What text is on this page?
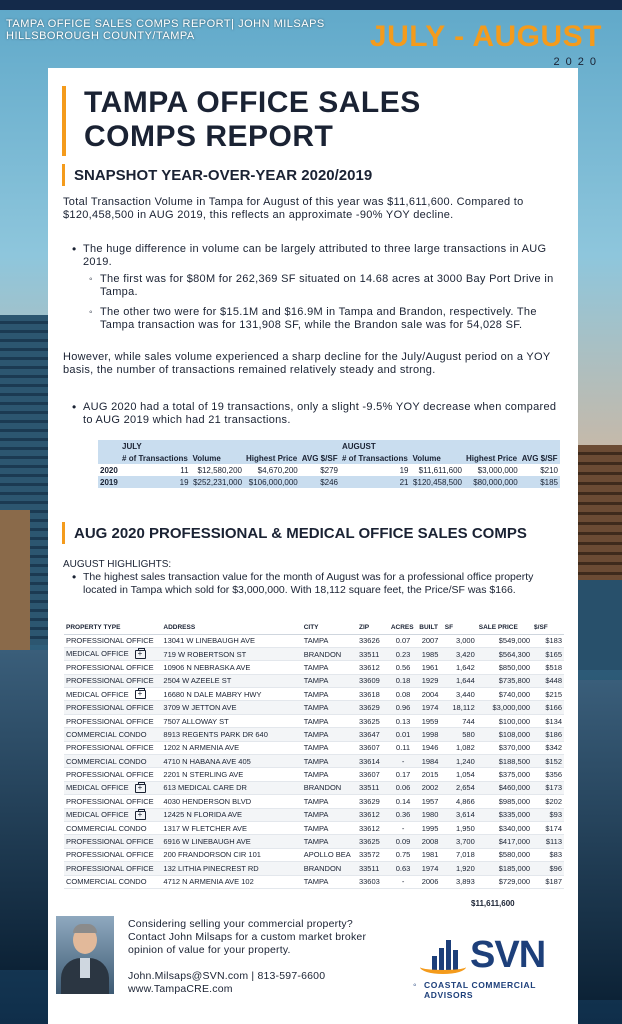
TAMPA OFFICE SALES COMPS REPORT| JOHN MILSAPS
HILLSBOROUGH COUNTY/TAMPA	JULY - AUGUST
2020
TAMPA OFFICE SALES
COMPS REPORT
SNAPSHOT YEAR-OVER-YEAR 2020/2019
Total Transaction Volume in Tampa for August of this year was $11,611,600. Compared to $120,458,500 in AUG 2019, this reflects an approximate -90% YOY decline.
• The huge difference in volume can be largely attributed to three large transactions in AUG 2019.
◦ The first was for $80M for 262,369 SF situated on 14.68 acres at 3000 Bay Port Drive in Tampa.
◦ The other two were for $15.1M and $16.9M in Tampa and Brandon, respectively. The Tampa transaction was for 131,908 SF, while the Brandon sale was for 54,028 SF.
However, while sales volume experienced a sharp decline for the July/August period on a YOY basis, the number of transactions remained relatively steady and strong.
• AUG 2020 had a total of 19 transactions, only a slight -9.5% YOY decrease when compared to AUG 2019 which had 21 transactions.
	JULY				AUGUST			
	# of Transactions	Volume	Highest Price	AVG $/SF	# of Transactions	Volume	Highest Price	AVG $/SF
2020	11	$12,580,200	$4,670,200	$279	19	$11,611,600	$3,000,000	$210
2019	19	$252,231,000	$106,000,000	$246	21	$120,458,500	$80,000,000	$185
AUG 2020 PROFESSIONAL & MEDICAL OFFICE SALES COMPS
AUGUST HIGHLIGHTS:
• The highest sales transaction value for the month of August was for a professional office property located in Tampa which sold for $3,000,000. With 18,112 square feet, the Price/SF was $166.
PROPERTY TYPE	ADDRESS	CITY	ZIP	ACRES	BUILT	SF	SALE PRICE	$/SF
PROFESSIONAL OFFICE	13041 W LINEBAUGH AVE	TAMPA	33626	0.07	2007	3,000	$549,000	$183
MEDICAL OFFICE+	719 W ROBERTSON ST	BRANDON	33511	0.23	1985	3,420	$564,300	$165
PROFESSIONAL OFFICE	10906 N NEBRASKA AVE	TAMPA	33612	0.56	1961	1,642	$850,000	$518
PROFESSIONAL OFFICE	2504 W AZEELE ST	TAMPA	33609	0.18	1929	1,644	$735,800	$448
MEDICAL OFFICE+	16680 N DALE MABRY HWY	TAMPA	33618	0.08	2004	3,440	$740,000	$215
PROFESSIONAL OFFICE	3709 W JETTON AVE	TAMPA	33629	0.96	1974	18,112	$3,000,000	$166
PROFESSIONAL OFFICE	7507 ALLOWAY ST	TAMPA	33625	0.13	1959	744	$100,000	$134
COMMERCIAL CONDO	8913 REGENTS PARK DR 640	TAMPA	33647	0.01	1998	580	$108,000	$186
PROFESSIONAL OFFICE	1202 N ARMENIA AVE	TAMPA	33607	0.11	1946	1,082	$370,000	$342
COMMERCIAL CONDO	4710 N HABANA AVE 405	TAMPA	33614	-	1984	1,240	$188,500	$152
PROFESSIONAL OFFICE	2201 N STERLING AVE	TAMPA	33607	0.17	2015	1,054	$375,000	$356
MEDICAL OFFICE+	613 MEDICAL CARE DR	BRANDON	33511	0.06	2002	2,654	$460,000	$173
PROFESSIONAL OFFICE	4030 HENDERSON BLVD	TAMPA	33629	0.14	1957	4,866	$985,000	$202
MEDICAL OFFICE+	12425 N FLORIDA AVE	TAMPA	33612	0.36	1980	3,614	$335,000	$93
COMMERCIAL CONDO	1317 W FLETCHER AVE	TAMPA	33612	-	1995	1,950	$340,000	$174
PROFESSIONAL OFFICE	6916 W LINEBAUGH AVE	TAMPA	33625	0.09	2008	3,700	$417,000	$113
PROFESSIONAL OFFICE	200 FRANDORSON CIR 101	APOLLO BEA	33572	0.75	1981	7,018	$580,000	$83
PROFESSIONAL OFFICE	132 LITHIA PINECREST RD	BRANDON	33511	0.63	1974	1,920	$185,000	$96
COMMERCIAL CONDO	4712 N ARMENIA AVE 102	TAMPA	33603	-	2006	3,893	$729,000	$187
$11,611,600
Considering selling your commercial property?
Contact John Milsaps for a custom market broker
opinion of value for your property.
John.Milsaps@SVN.com | 813-597-6600
www.TampaCRE.com
SVN
◦ COASTAL COMMERCIAL ADVISORS
